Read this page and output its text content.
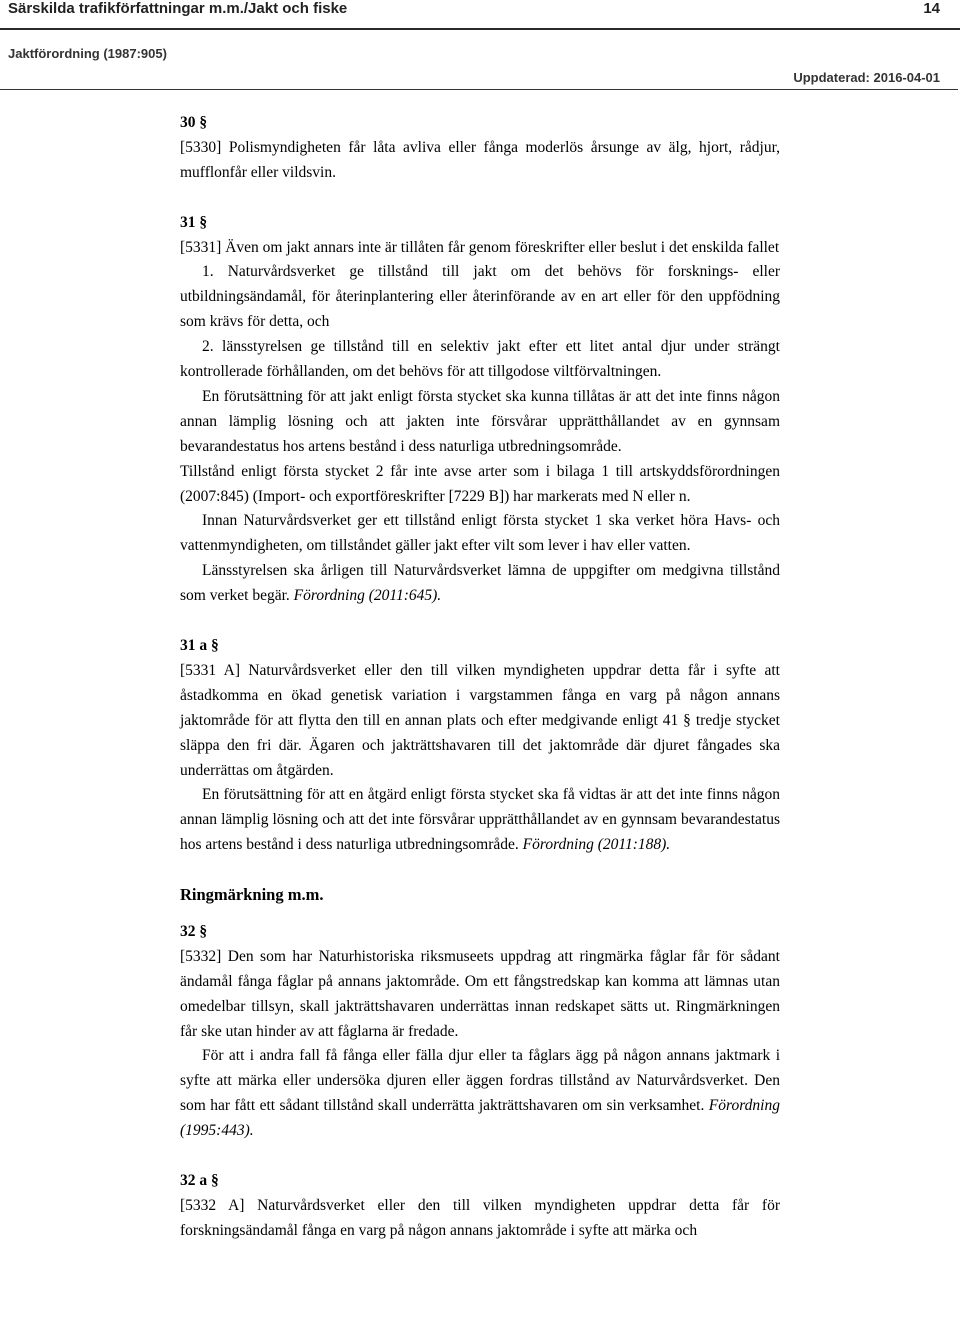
Särskilda trafikförfattningar m.m./Jakt och fiske	14
Jaktförordning (1987:905)
Uppdaterad: 2016-04-01

30 §

[5330] Polismyndigheten får låta avliva eller fånga moderlös årsunge av älg, hjort, rådjur, mufflonfår eller vildsvin.

31 §

[5331] Även om jakt annars inte är tillåten får genom föreskrifter eller beslut i det enskilda fallet

1. Naturvårdsverket ge tillstånd till jakt om det behövs för forsknings- eller utbildningsändamål, för återinplantering eller återinförande av en art eller för den uppfödning som krävs för detta, och

2. länsstyrelsen ge tillstånd till en selektiv jakt efter ett litet antal djur under strängt kontrollerade förhållanden, om det behövs för att tillgodose viltförvaltningen.

En förutsättning för att jakt enligt första stycket ska kunna tillåtas är att det inte finns någon annan lämplig lösning och att jakten inte försvårar upprätthållandet av en gynnsam bevarandestatus hos artens bestånd i dess naturliga utbredningsområde.

Tillstånd enligt första stycket 2 får inte avse arter som i bilaga 1 till artskyddsförordningen (2007:845) (Import- och exportföreskrifter [7229 B]) har markerats med N eller n.

Innan Naturvårdsverket ger ett tillstånd enligt första stycket 1 ska verket höra Havs- och vattenmyndigheten, om tillståndet gäller jakt efter vilt som lever i hav eller vatten.

Länsstyrelsen ska årligen till Naturvårdsverket lämna de uppgifter om medgivna tillstånd som verket begär. Förordning (2011:645).

31 a §

[5331 A] Naturvårdsverket eller den till vilken myndigheten uppdrar detta får i syfte att åstadkomma en ökad genetisk variation i vargstammen fånga en varg på någon annans jaktområde för att flytta den till en annan plats och efter medgivande enligt 41 § tredje stycket släppa den fri där. Ägaren och jakträttshavaren till det jaktområde där djuret fångades ska underrättas om åtgärden.

En förutsättning för att en åtgärd enligt första stycket ska få vidtas är att det inte finns någon annan lämplig lösning och att det inte försvårar upprätthållandet av en gynnsam bevarandestatus hos artens bestånd i dess naturliga utbredningsområde. Förordning (2011:188).

Ringmärkning m.m.

32 §

[5332] Den som har Naturhistoriska riksmuseets uppdrag att ringmärka fåglar får för sådant ändamål fånga fåglar på annans jaktområde. Om ett fångstredskap kan komma att lämnas utan omedelbar tillsyn, skall jakträttshavaren underrättas innan redskapet sätts ut. Ringmärkningen får ske utan hinder av att fåglarna är fredade.

För att i andra fall få fånga eller fälla djur eller ta fåglars ägg på någon annans jaktmark i syfte att märka eller undersöka djuren eller äggen fordras tillstånd av Naturvårdsverket. Den som har fått ett sådant tillstånd skall underrätta jakträttshavaren om sin verksamhet. Förordning (1995:443).

32 a §

[5332 A] Naturvårdsverket eller den till vilken myndigheten uppdrar detta får för forskningsändamål fånga en varg på någon annans jaktområde i syfte att märka och
